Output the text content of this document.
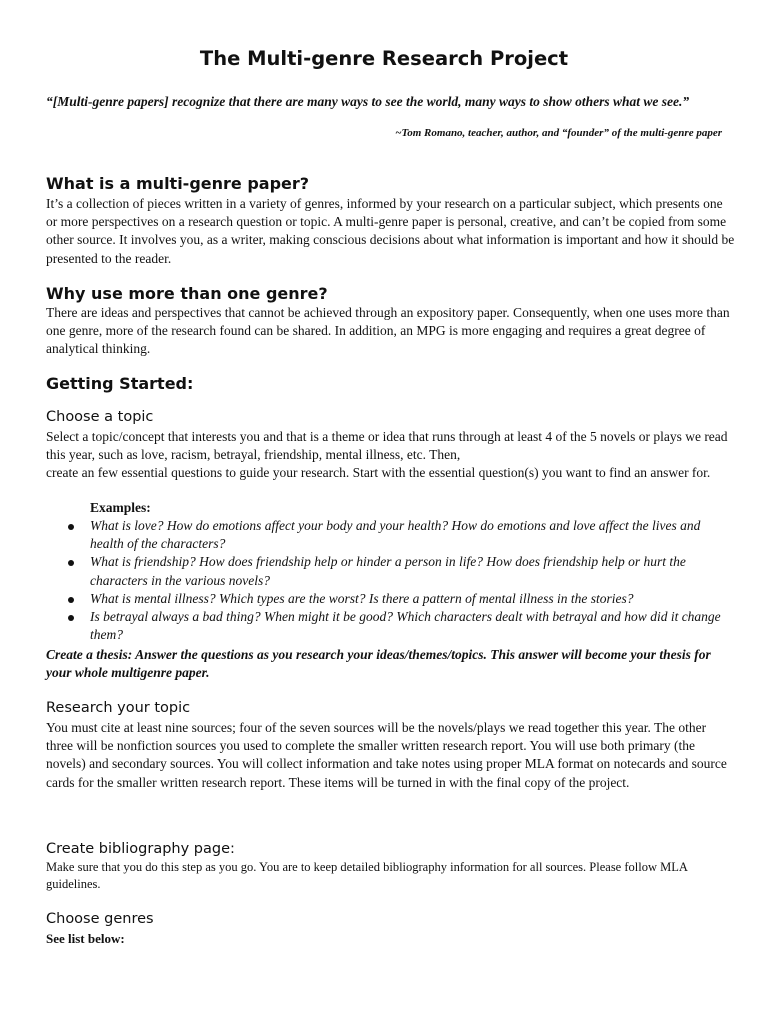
The Multi-genre Research Project
“[Multi-genre papers] recognize that there are many ways to see the world, many ways to show others what we see.”
~Tom Romano, teacher, author, and “founder” of the multi-genre paper
What is a multi-genre paper?
It’s a collection of pieces written in a variety of genres, informed by your research on a particular subject, which presents one or more perspectives on a research question or topic. A multi-genre paper is personal, creative, and can’t be copied from some other source. It involves you, as a writer, making conscious decisions about what information is important and how it should be presented to the reader.
Why use more than one genre?
There are ideas and perspectives that cannot be achieved through an expository paper. Consequently, when one uses more than one genre, more of the research found can be shared. In addition, an MPG is more engaging and requires a great degree of analytical thinking.
Getting Started:
Choose a topic
Select a topic/concept that interests you and that is a theme or idea that runs through at least 4 of the 5 novels or plays we read this year, such as love, racism, betrayal, friendship, mental illness, etc. Then,
create an few essential questions to guide your research. Start with the essential question(s) you want to find an answer for.
Examples:
What is love? How do emotions affect your body and your health? How do emotions and love affect the lives and health of the characters?
What is friendship? How does friendship help or hinder a person in life? How does friendship help or hurt the characters in the various novels?
What is mental illness? Which types are the worst? Is there a pattern of mental illness in the stories?
Is betrayal always a bad thing? When might it be good? Which characters dealt with betrayal and how did it change them?
Create a thesis: Answer the questions as you research your ideas/themes/topics. This answer will become your thesis for your whole multigenre paper.
Research your topic
You must cite at least nine sources; four of the seven sources will be the novels/plays we read together this year. The other three will be nonfiction sources you used to complete the smaller written research report. You will use both primary (the novels) and secondary sources. You will collect information and take notes using proper MLA format on notecards and source cards for the smaller written research report. These items will be turned in with the final copy of the project.
Create bibliography page:
Make sure that you do this step as you go. You are to keep detailed bibliography information for all sources. Please follow MLA guidelines.
Choose genres
See list below:
